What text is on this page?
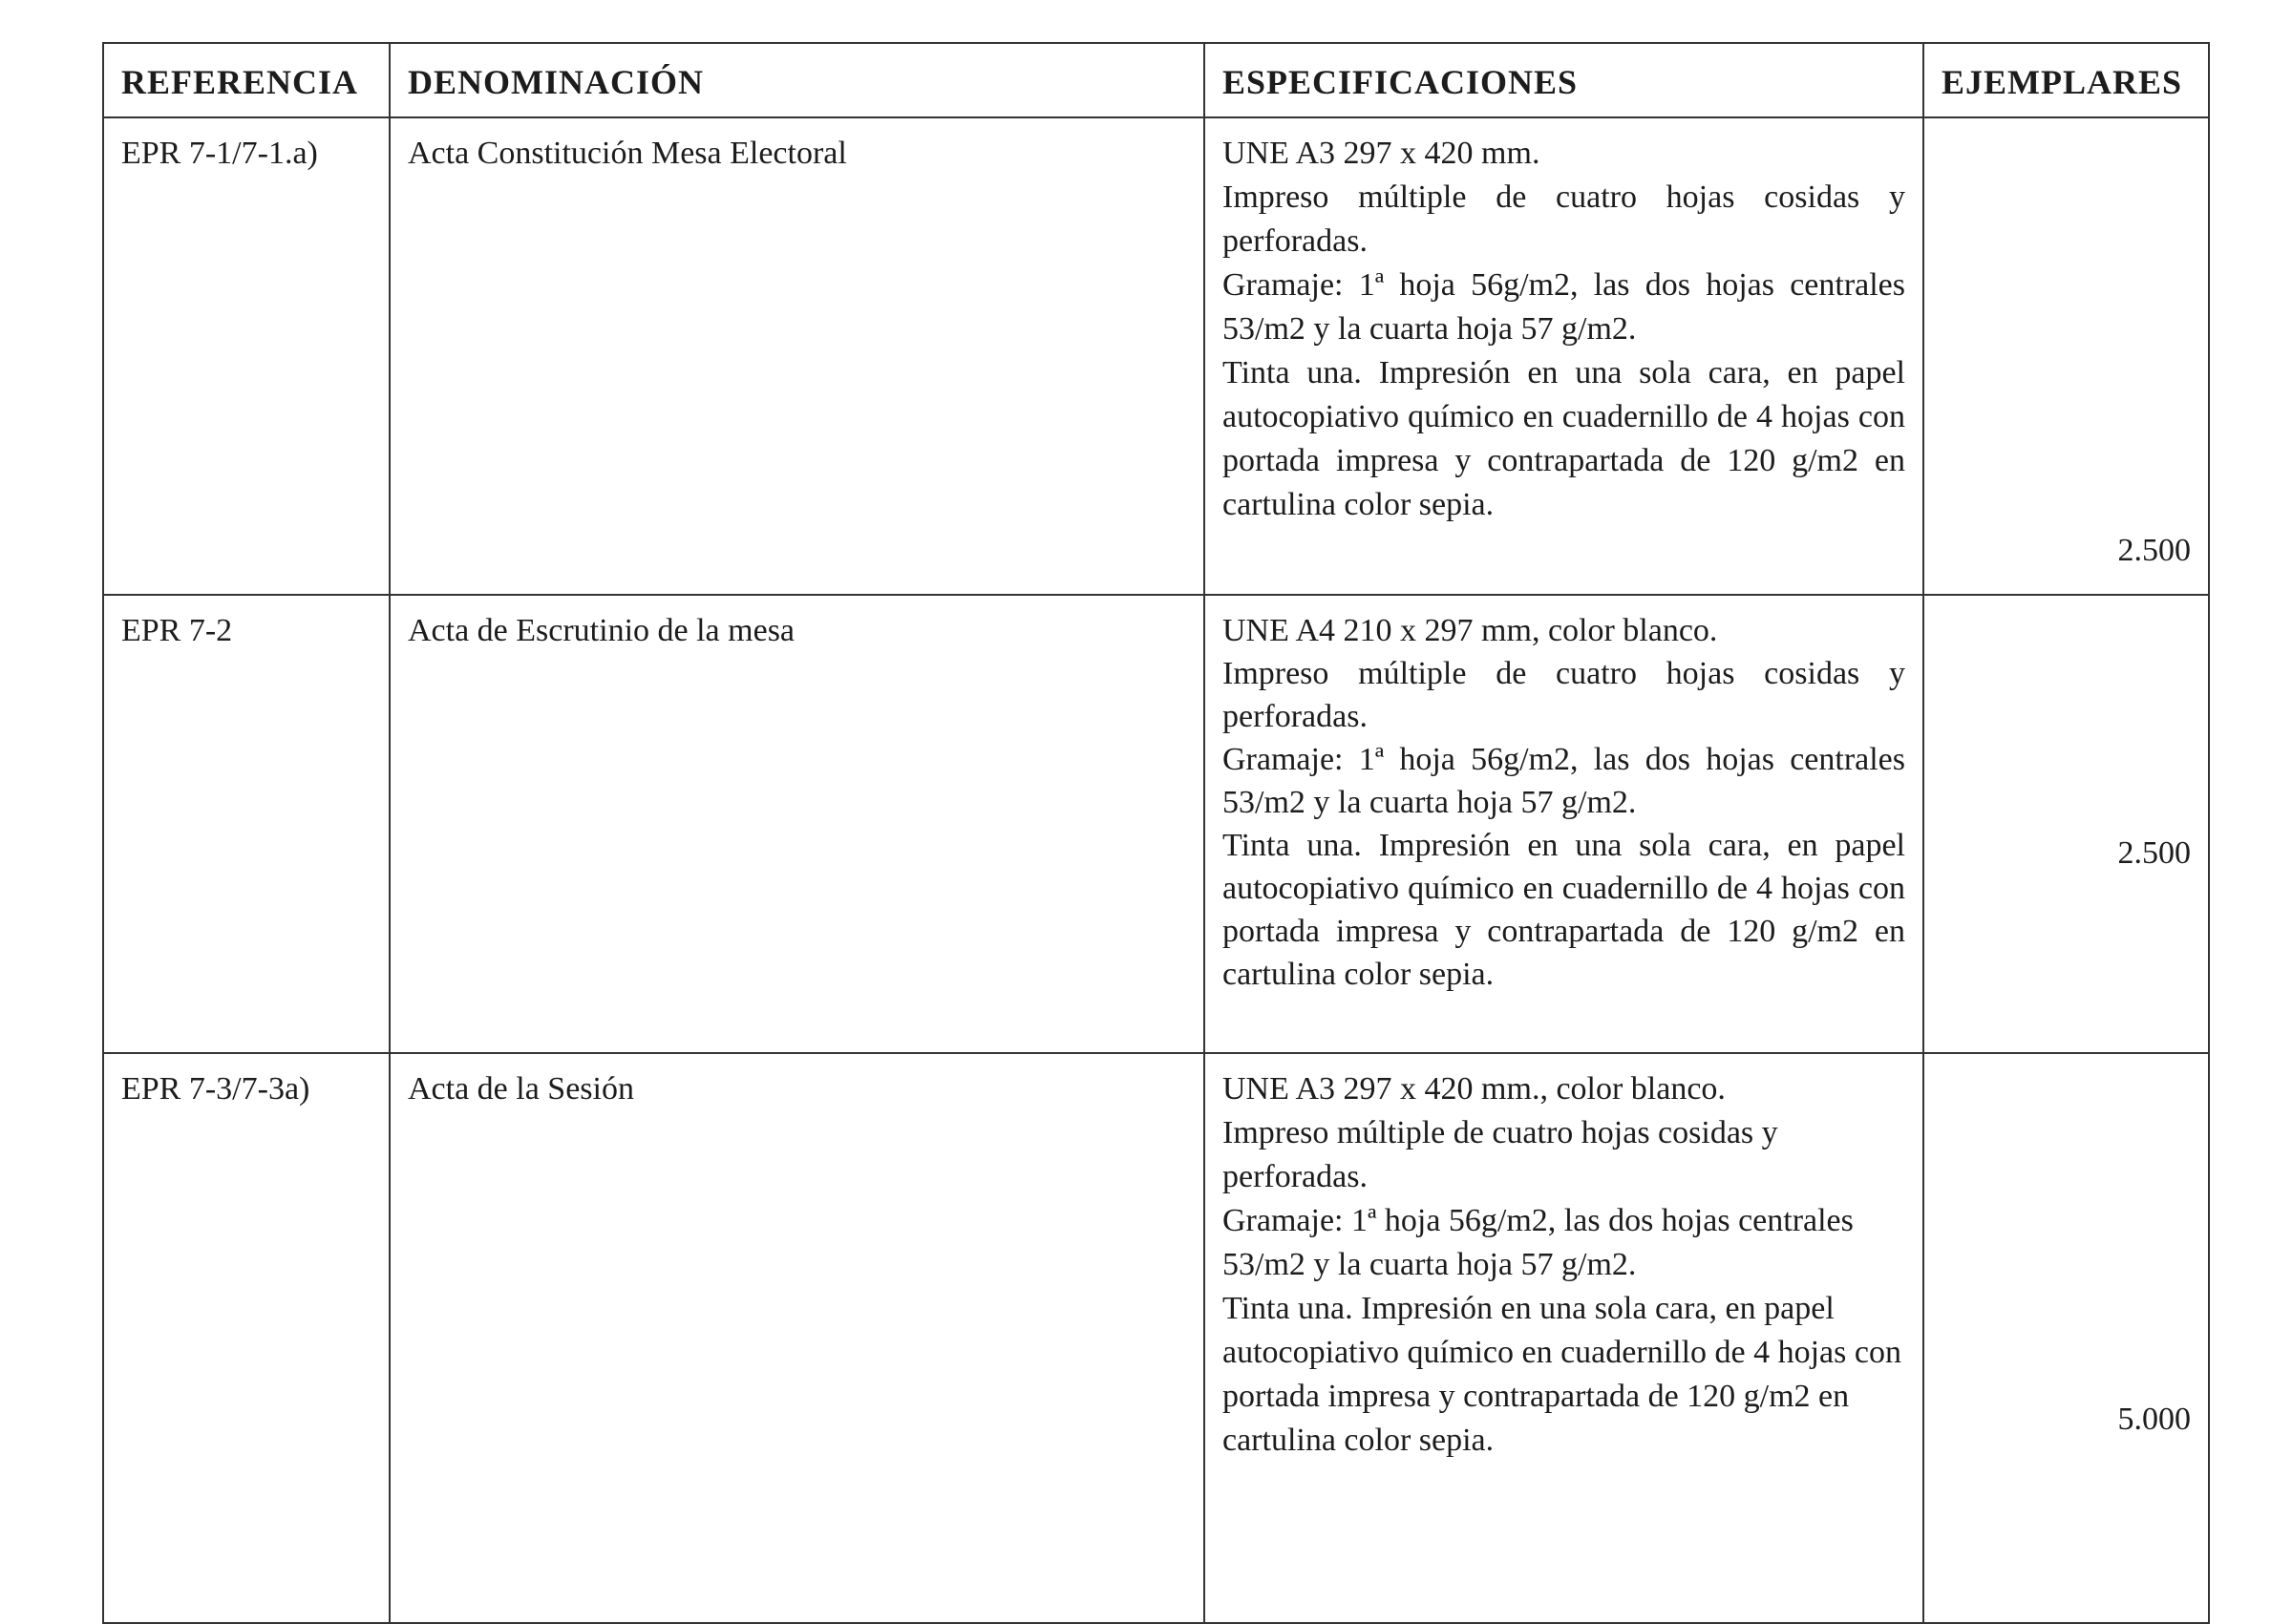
REFERENCIA	DENOMINACIÓN	ESPECIFICACIONES	EJEMPLARES
EPR 7-1/7-1.a)	Acta Constitución Mesa Electoral	UNE A3 297 x 420 mm.

Impreso múltiple de cuatro hojas cosidas y perforadas.

Gramaje: 1ª hoja 56g/m2, las dos hojas centrales 53/m2 y la cuarta hoja 57 g/m2.

Tinta una. Impresión en una sola cara, en papel autocopiativo químico en cuadernillo de 4 hojas con portada impresa y contrapartada de 120 g/m2 en cartulina color sepia.	2.500
EPR 7-2	Acta de Escrutinio de la mesa	UNE A4 210 x 297 mm, color blanco.

Impreso múltiple de cuatro hojas cosidas y perforadas.

Gramaje: 1ª hoja 56g/m2, las dos hojas centrales 53/m2 y la cuarta hoja 57 g/m2.

Tinta una. Impresión en una sola cara, en papel autocopiativo químico en cuadernillo de 4 hojas con portada impresa y contrapartada de 120 g/m2 en cartulina color sepia.	2.500
EPR 7-3/7-3a)	Acta de la Sesión	UNE A3 297 x 420 mm., color blanco.

Impreso múltiple de cuatro hojas cosidas y perforadas.

Gramaje: 1ª hoja 56g/m2, las dos hojas centrales 53/m2 y la cuarta hoja 57 g/m2.

Tinta una. Impresión en una sola cara, en papel autocopiativo químico en cuadernillo de 4 hojas con portada impresa y contrapartada de 120 g/m2 en cartulina color sepia.	5.000
